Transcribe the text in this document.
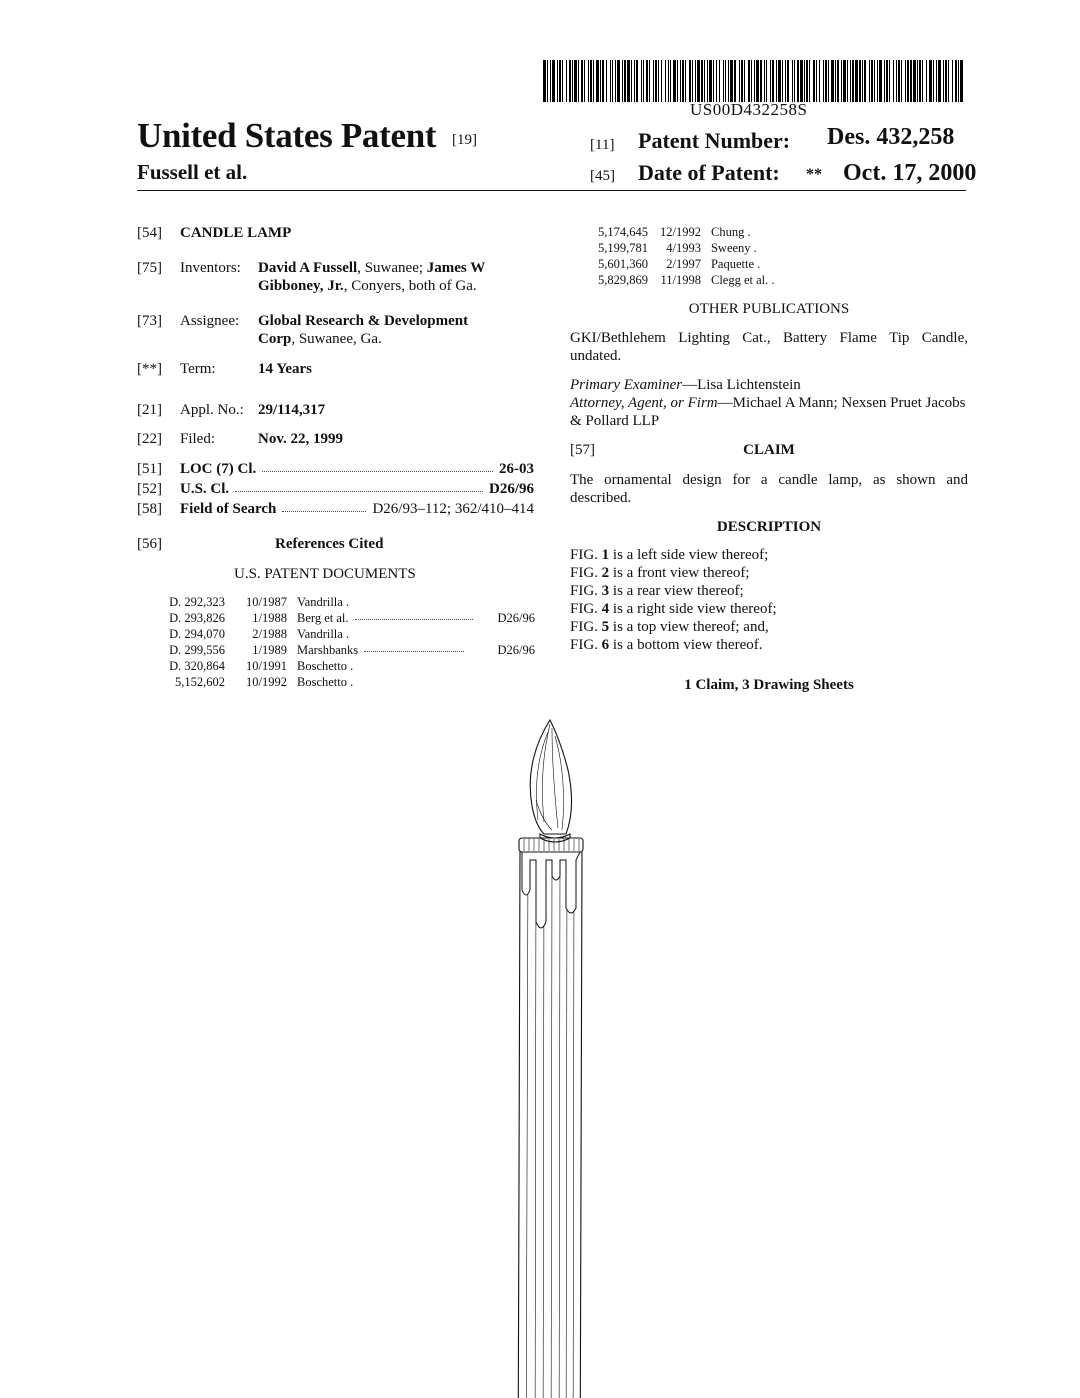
US00D432258S
United States Patent [19]
Fussell et al.
[11] Patent Number: Des. 432,258
[45] Date of Patent: ** Oct. 17, 2000
[54] CANDLE LAMP
[75] Inventors: David A Fussell, Suwanee; James W
Gibboney, Jr., Conyers, both of Ga.
[73] Assignee: Global Research & Development
Corp, Suwanee, Ga.
[**] Term:	14 Years
[21] Appl. No.: 29/114,317
[22] Filed:	Nov. 22, 1999
[51] LOC (7) Cl.	26-03
[52] U.S. Cl.	D26/96
[58] Field of Search	D26/93–112; 362/410–414
[56]	References Cited
U.S. PATENT DOCUMENTS
D. 292,323	10/1987	Vandrilla .	
D. 293,826	1/1988	Berg et al.	D26/96
D. 294,070	2/1988	Vandrilla .	
D. 299,556	1/1989	Marshbanks	D26/96
D. 320,864	10/1991	Boschetto .	
5,152,602	10/1992	Boschetto .	
5,174,645	12/1992	Chung .
5,199,781	4/1993	Sweeny .
5,601,360	2/1997	Paquette .
5,829,869	11/1998	Clegg et al. .
OTHER PUBLICATIONS
GKI/Bethlehem Lighting Cat., Battery Flame Tip Candle, undated.
Primary Examiner—Lisa Lichtenstein
Attorney, Agent, or Firm—Michael A Mann; Nexsen Pruet Jacobs & Pollard LLP
[57]	CLAIM
The ornamental design for a candle lamp, as shown and described.
DESCRIPTION
FIG. 1 is a left side view thereof;
FIG. 2 is a front view thereof;
FIG. 3 is a rear view thereof;
FIG. 4 is a right side view thereof;
FIG. 5 is a top view thereof; and,
FIG. 6 is a bottom view thereof.
1 Claim, 3 Drawing Sheets
